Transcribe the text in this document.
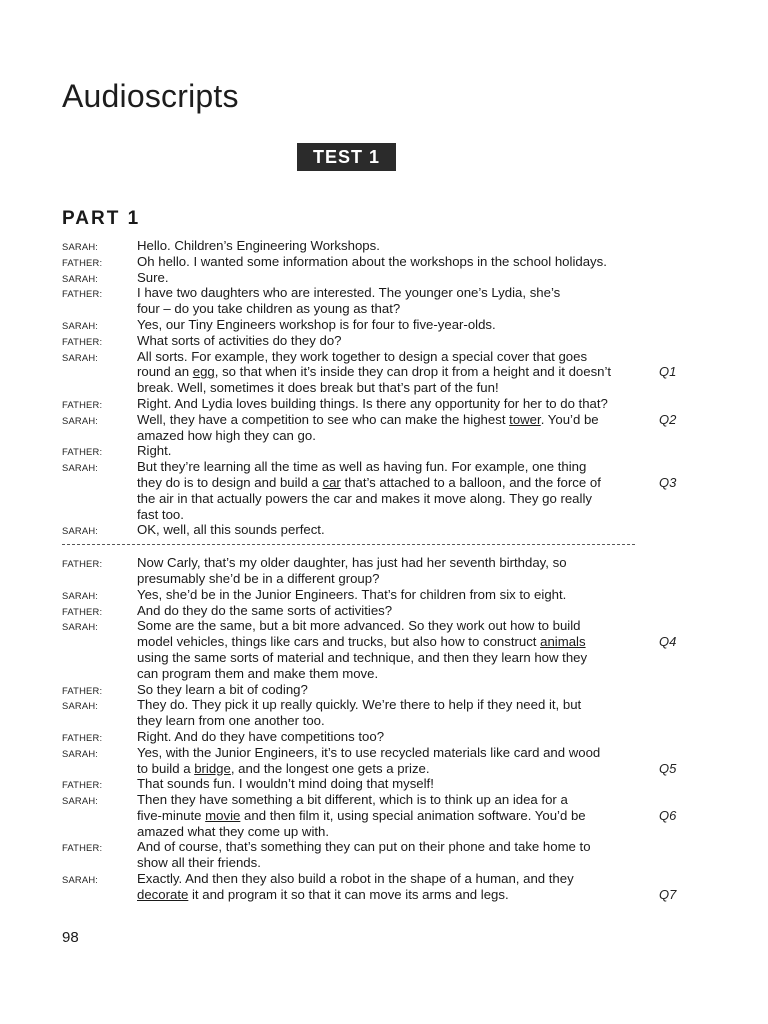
Audioscripts
TEST 1
PART 1
SARAH:	Hello. Children’s Engineering Workshops.
FATHER:	Oh hello. I wanted some information about the workshops in the school holidays.
SARAH:	Sure.
FATHER:	I have two daughters who are interested. The younger one’s Lydia, she’s
four – do you take children as young as that?
SARAH:	Yes, our Tiny Engineers workshop is for four to five-year-olds.
FATHER:	What sorts of activities do they do?
SARAH:	All sorts. For example, they work together to design a special cover that goes
round an egg, so that when it’s inside they can drop it from a height and it doesn’t
break. Well, sometimes it does break but that’s part of the fun!
Q1
FATHER:	Right. And Lydia loves building things. Is there any opportunity for her to do that?
SARAH:	Well, they have a competition to see who can make the highest tower. You’d be
amazed how high they can go.
Q2
FATHER:	Right.
SARAH:	But they’re learning all the time as well as having fun. For example, one thing
they do is to design and build a car that’s attached to a balloon, and the force of
the air in that actually powers the car and makes it move along. They go really
fast too.
Q3
SARAH:	OK, well, all this sounds perfect.
FATHER:	Now Carly, that’s my older daughter, has just had her seventh birthday, so
presumably she’d be in a different group?
SARAH:	Yes, she’d be in the Junior Engineers. That’s for children from six to eight.
FATHER:	And do they do the same sorts of activities?
SARAH:	Some are the same, but a bit more advanced. So they work out how to build
model vehicles, things like cars and trucks, but also how to construct animals
using the same sorts of material and technique, and then they learn how they
can program them and make them move.
Q4
FATHER:	So they learn a bit of coding?
SARAH:	They do. They pick it up really quickly. We’re there to help if they need it, but
they learn from one another too.
FATHER:	Right. And do they have competitions too?
SARAH:	Yes, with the Junior Engineers, it’s to use recycled materials like card and wood
to build a bridge, and the longest one gets a prize.	Q5
FATHER:	That sounds fun. I wouldn’t mind doing that myself!
SARAH:	Then they have something a bit different, which is to think up an idea for a
five-minute movie and then film it, using special animation software. You’d be
amazed what they come up with.
Q6
FATHER:	And of course, that’s something they can put on their phone and take home to
show all their friends.
SARAH:	Exactly. And then they also build a robot in the shape of a human, and they
decorate it and program it so that it can move its arms and legs.	Q7
98
